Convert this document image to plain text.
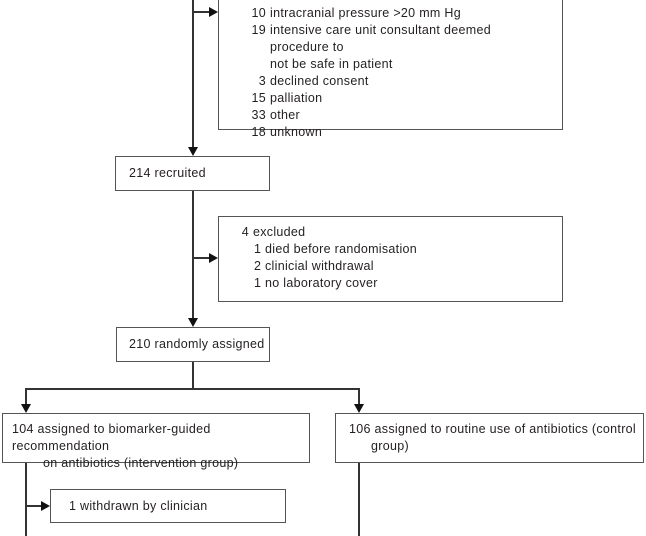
10 intracranial pressure >20 mm Hg
19 intensive care unit consultant deemed procedure to
not be safe in patient
3 declined consent
15 palliation
33 other
18 unknown
214 recruited
4 excluded
1 died before randomisation
2 clinicial withdrawal
1 no laboratory cover
210 randomly assigned
104 assigned to biomarker-guided recommendation
on antibiotics (intervention group)
106 assigned to routine use of antibiotics (control
group)
1 withdrawn by clinician
